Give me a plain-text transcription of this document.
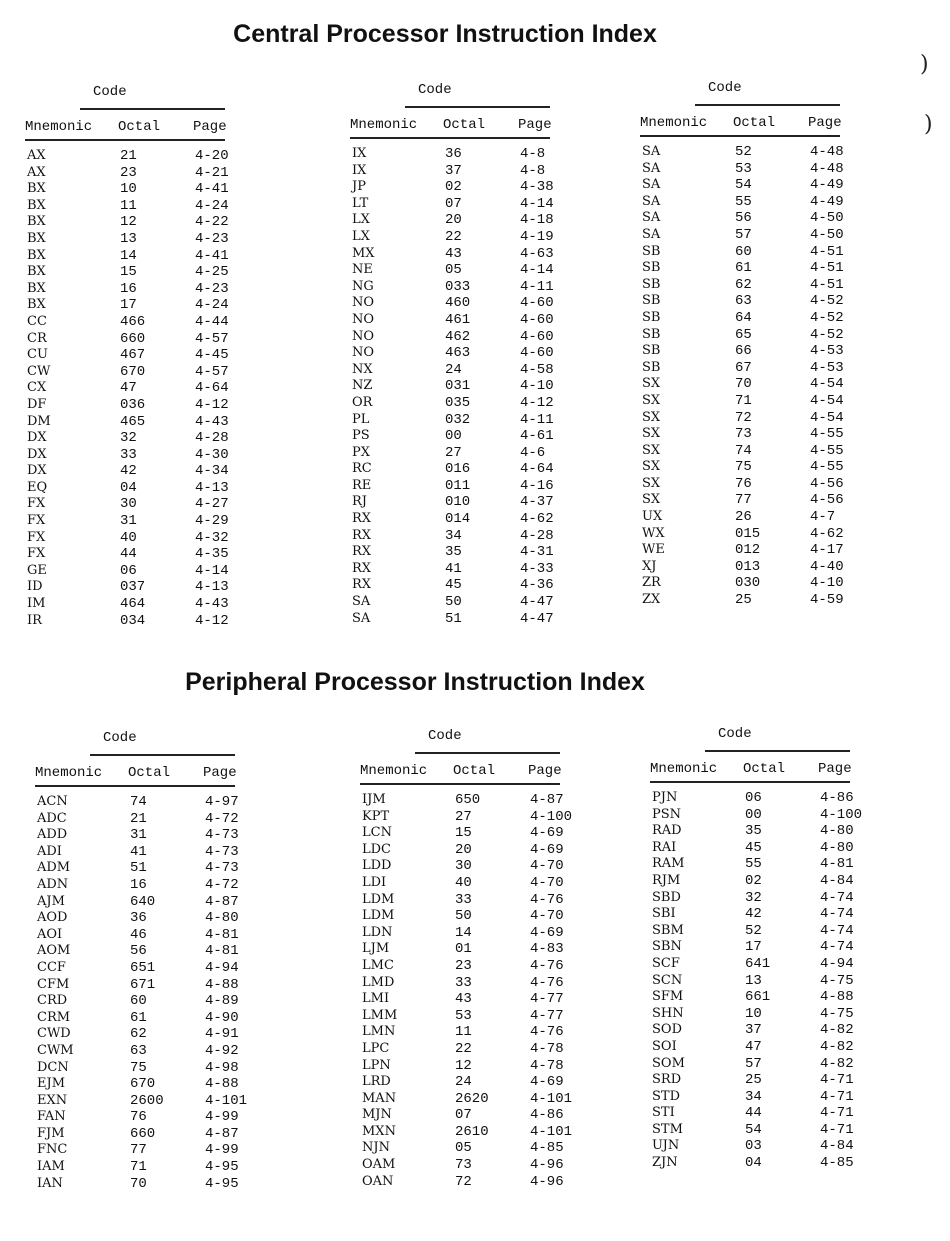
Central Processor Instruction Index
Code
Mnemonic Octal Page
AX	21	4-20
AX	23	4-21
BX	10	4-41
BX	11	4-24
BX	12	4-22
BX	13	4-23
BX	14	4-41
BX	15	4-25
BX	16	4-23
BX	17	4-24
CC	466	4-44
CR	660	4-57
CU	467	4-45
CW	670	4-57
CX	47	4-64
DF	036	4-12
DM	465	4-43
DX	32	4-28
DX	33	4-30
DX	42	4-34
EQ	04	4-13
FX	30	4-27
FX	31	4-29
FX	40	4-32
FX	44	4-35
GE	06	4-14
ID	037	4-13
IM	464	4-43
IR	034	4-12
Code
Mnemonic Octal Page
IX	36	4-8
IX	37	4-8
JP	02	4-38
LT	07	4-14
LX	20	4-18
LX	22	4-19
MX	43	4-63
NE	05	4-14
NG	033	4-11
NO	460	4-60
NO	461	4-60
NO	462	4-60
NO	463	4-60
NX	24	4-58
NZ	031	4-10
OR	035	4-12
PL	032	4-11
PS	00	4-61
PX	27	4-6
RC	016	4-64
RE	011	4-16
RJ	010	4-37
RX	014	4-62
RX	34	4-28
RX	35	4-31
RX	41	4-33
RX	45	4-36
SA	50	4-47
SA	51	4-47
Code
Mnemonic Octal Page
SA	52	4-48
SA	53	4-48
SA	54	4-49
SA	55	4-49
SA	56	4-50
SA	57	4-50
SB	60	4-51
SB	61	4-51
SB	62	4-51
SB	63	4-52
SB	64	4-52
SB	65	4-52
SB	66	4-53
SB	67	4-53
SX	70	4-54
SX	71	4-54
SX	72	4-54
SX	73	4-55
SX	74	4-55
SX	75	4-55
SX	76	4-56
SX	77	4-56
UX	26	4-7
WX	015	4-62
WE	012	4-17
XJ	013	4-40
ZR	030	4-10
ZX	25	4-59
Peripheral Processor Instruction Index
Code
Mnemonic Octal Page
ACN	74	4-97
ADC	21	4-72
ADD	31	4-73
ADI	41	4-73
ADM	51	4-73
ADN	16	4-72
AJM	640	4-87
AOD	36	4-80
AOI	46	4-81
AOM	56	4-81
CCF	651	4-94
CFM	671	4-88
CRD	60	4-89
CRM	61	4-90
CWD	62	4-91
CWM	63	4-92
DCN	75	4-98
EJM	670	4-88
EXN	2600	4-101
FAN	76	4-99
FJM	660	4-87
FNC	77	4-99
IAM	71	4-95
IAN	70	4-95
Code
Mnemonic Octal Page
IJM	650	4-87
KPT	27	4-100
LCN	15	4-69
LDC	20	4-69
LDD	30	4-70
LDI	40	4-70
LDM	33	4-76
LDM	50	4-70
LDN	14	4-69
LJM	01	4-83
LMC	23	4-76
LMD	33	4-76
LMI	43	4-77
LMM	53	4-77
LMN	11	4-76
LPC	22	4-78
LPN	12	4-78
LRD	24	4-69
MAN	2620	4-101
MJN	07	4-86
MXN	2610	4-101
NJN	05	4-85
OAM	73	4-96
OAN	72	4-96
Code
Mnemonic Octal Page
PJN	06	4-86
PSN	00	4-100
RAD	35	4-80
RAI	45	4-80
RAM	55	4-81
RJM	02	4-84
SBD	32	4-74
SBI	42	4-74
SBM	52	4-74
SBN	17	4-74
SCF	641	4-94
SCN	13	4-75
SFM	661	4-88
SHN	10	4-75
SOD	37	4-82
SOI	47	4-82
SOM	57	4-82
SRD	25	4-71
STD	34	4-71
STI	44	4-71
STM	54	4-71
UJN	03	4-84
ZJN	04	4-85
)
)
